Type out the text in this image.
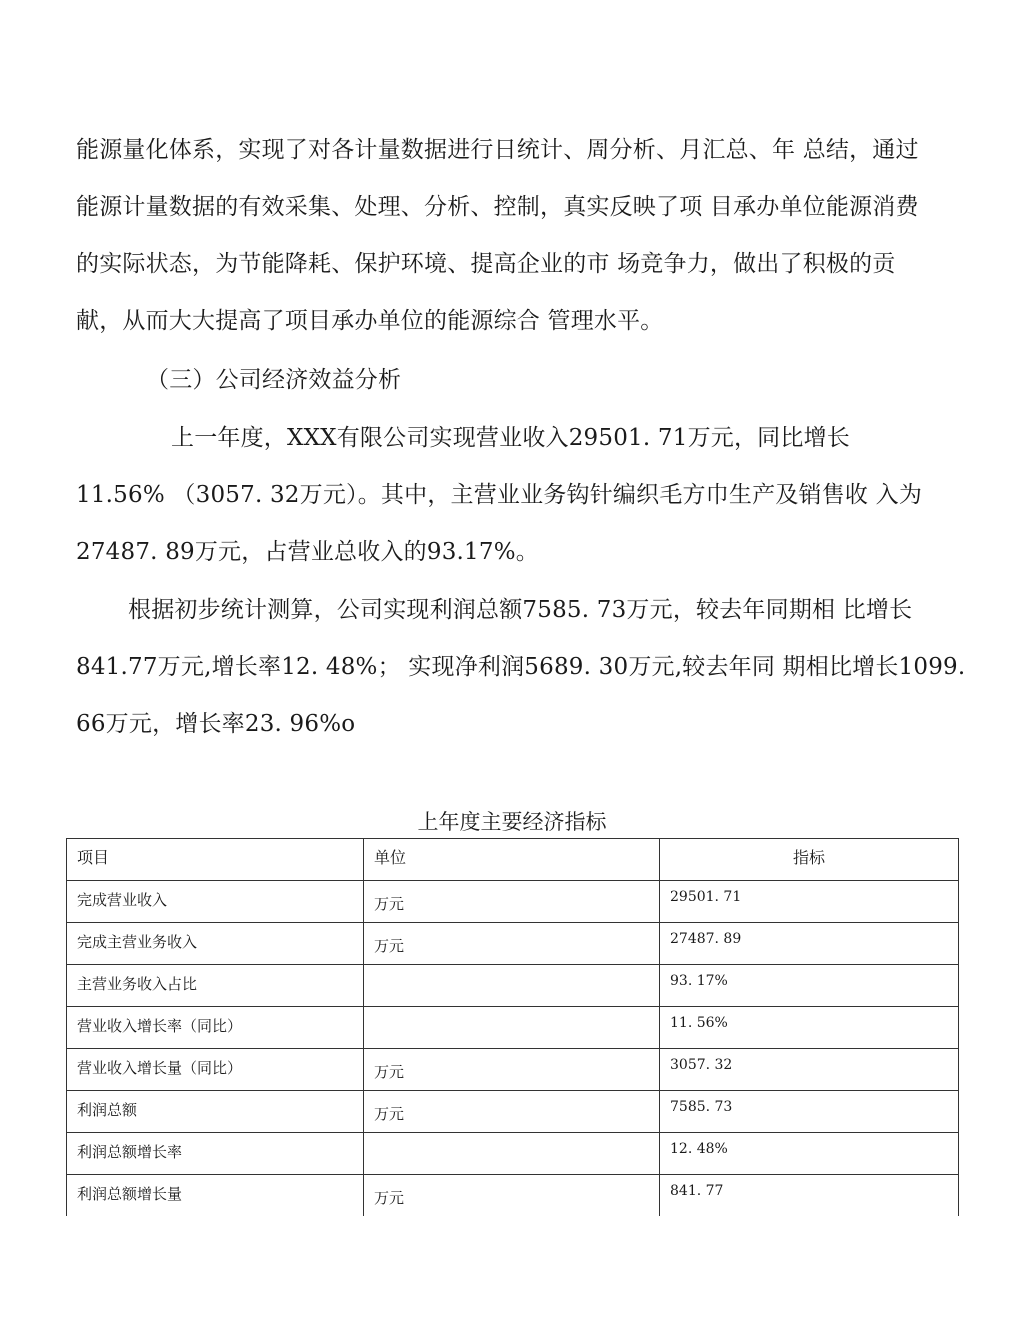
能源量化体系，实现了对各计量数据进行日统计、周分析、月汇总、年 总结，通过
能源计量数据的有效采集、处理、分析、控制，真实反映了项 目承办单位能源消费
的实际状态，为节能降耗、保护环境、提高企业的市 场竞争力，做出了积极的贡
献，从而大大提高了项目承办单位的能源综合 管理水平。

（三）公司经济效益分析

上一年度，XXX有限公司实现营业收入29501. 71万元，同比增长
11.56% （3057. 32万元）。其中，主营业业务钩针编织毛方巾生产及销售收 入为
27487. 89万元，占营业总收入的93.17%。

根据初步统计测算，公司实现利润总额7585. 73万元，较去年同期相 比增长
841.77万元,增长率12. 48%； 实现净利润5689. 30万元,较去年同 期相比增长1099.
66万元，增长率23. 96%o

上年度主要经济指标

项目	单位	指标
完成营业收入	万元	29501. 71
完成主营业务收入	万元	27487. 89
主营业务收入占比		93. 17%
营业收入增长率（同比）		11. 56%
营业收入增长量（同比）	万元	3057. 32
利润总额	万元	7585. 73
利润总额增长率		12. 48%
利润总额增长量	万元	841. 77
